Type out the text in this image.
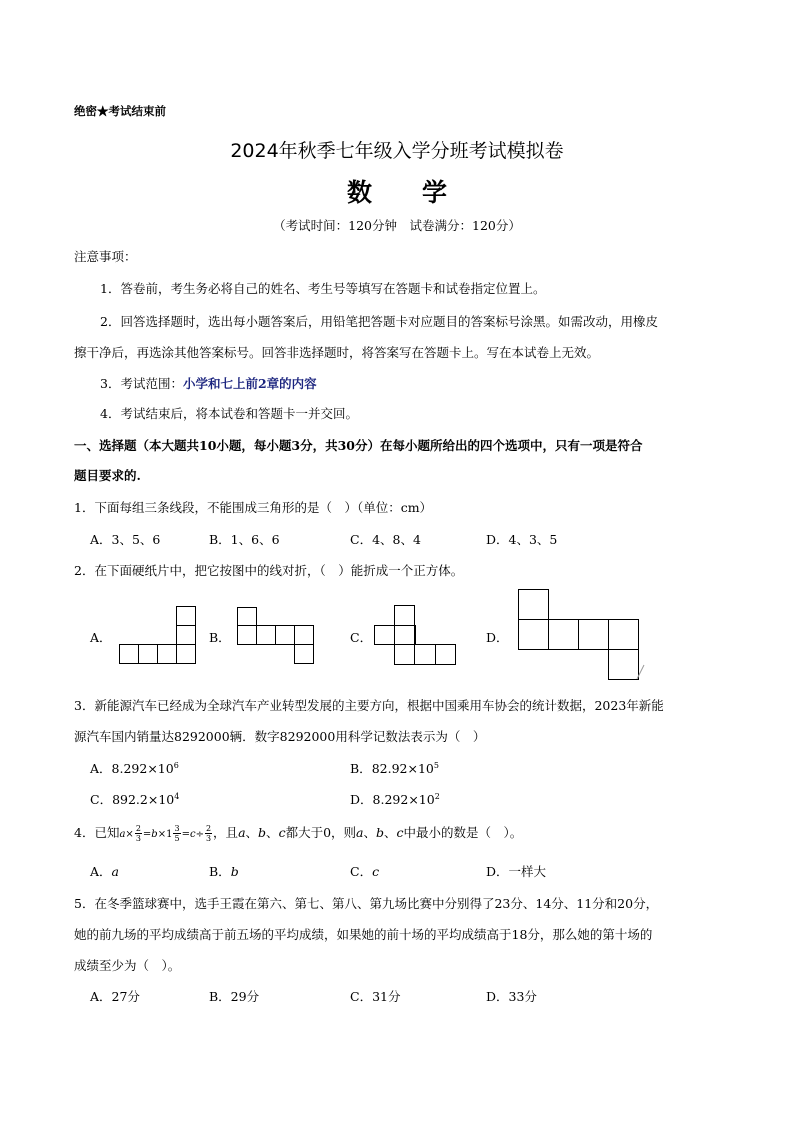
绝密★考试结束前
2024年秋季七年级入学分班考试模拟卷
数　　学
（考试时间：120分钟　试卷满分：120分）
注意事项：
1．答卷前，考生务必将自己的姓名、考生号等填写在答题卡和试卷指定位置上。
2．回答选择题时，选出每小题答案后，用铅笔把答题卡对应题目的答案标号涂黑。如需改动，用橡皮
擦干净后，再选涂其他答案标号。回答非选择题时，将答案写在答题卡上。写在本试卷上无效。
3．考试范围：小学和七上前2章的内容
4．考试结束后，将本试卷和答题卡一并交回。
一、选择题（本大题共10小题，每小题3分，共30分）在每小题所给出的四个选项中，只有一项是符合
题目要求的.
1．下面每组三条线段，不能围成三角形的是（　）（单位：cm）
A．3、5、6	B．1、6、6	C．4、8、4	D．4、3、5
2．在下面硬纸片中，把它按图中的线对折，（　）能折成一个正方体。
A．	B．	C．	D．
3．新能源汽车已经成为全球汽车产业转型发展的主要方向，根据中国乘用车协会的统计数据，2023年新能
源汽车国内销量达8292000辆．数字8292000用科学记数法表示为（　）
A．$8.292\times 10^6$	B．$82.92\times 10^5$
C．$892.2\times 10^4$	D．$8.292\times 10^2$
4．已知$a\times \frac{2}{3} =b\times 1 \frac{3}{5} =c\div \frac{2}{3}$ ，且a、b、c都大于0，则a、b、c中最小的数是（　）。
A．a	B．b	C．c	D．一样大
5．在冬季篮球赛中，选手王霞在第六、第七、第八、第九场比赛中分别得了23分、14分、11分和20分，
她的前九场的平均成绩高于前五场的平均成绩，如果她的前十场的平均成绩高于18分，那么她的第十场的
成绩至少为（　）。
A．27分	B．29分	C．31分	D．33分
